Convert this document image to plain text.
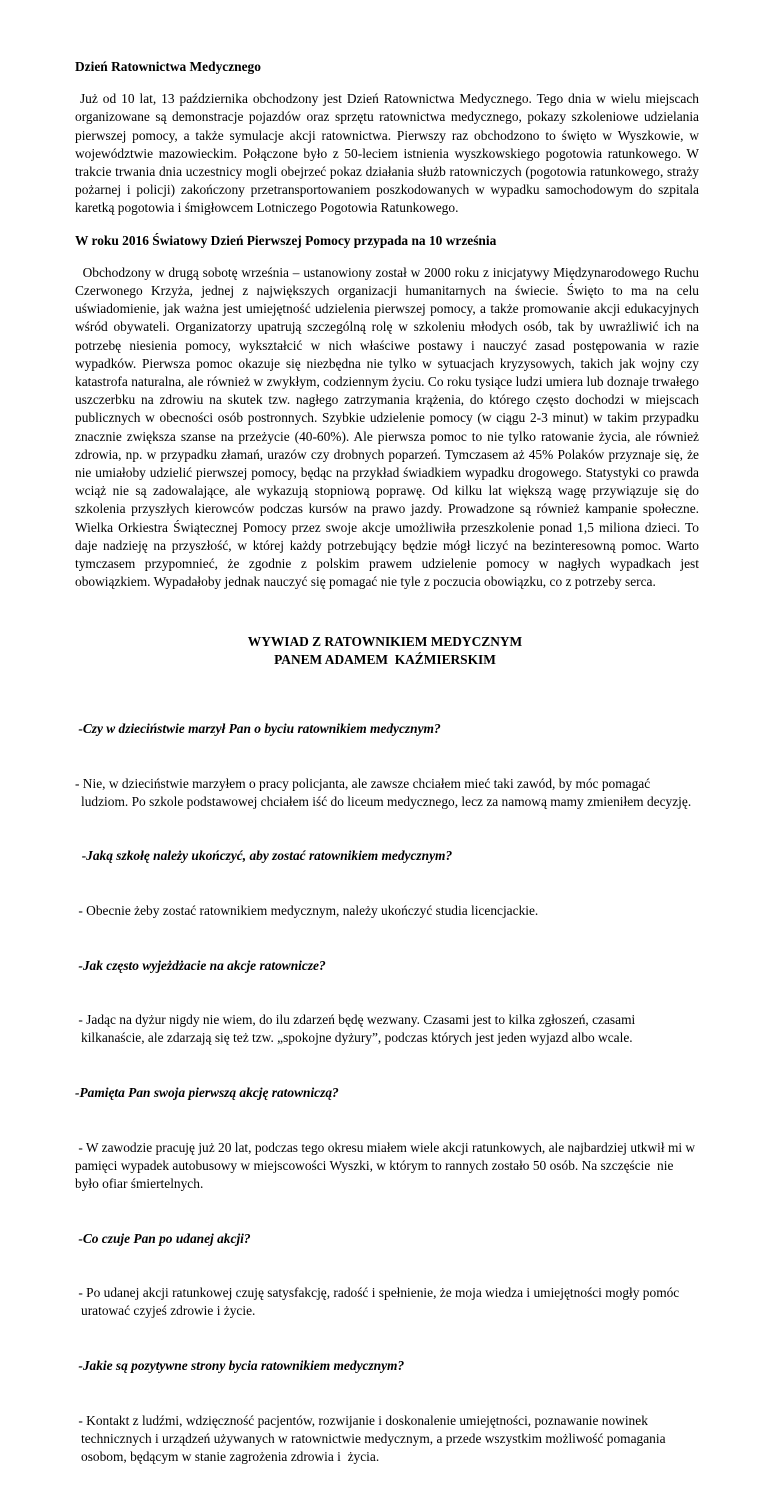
Dzień Ratownictwa Medycznego

Już od 10 lat, 13 października obchodzony jest Dzień Ratownictwa Medycznego. Tego dnia w wielu miejscach organizowane są demonstracje pojazdów oraz sprzętu ratownictwa medycznego, pokazy szkoleniowe udzielania pierwszej pomocy, a także symulacje akcji ratownictwa. Pierwszy raz obchodzono to święto w Wyszkowie, w województwie mazowieckim. Połączone było z 50-leciem istnienia wyszkowskiego pogotowia ratunkowego. W trakcie trwania dnia uczestnicy mogli obejrzeć pokaz działania służb ratowniczych (pogotowia ratunkowego, straży pożarnej i policji) zakończony przetransportowaniem poszkodowanych w wypadku samochodowym do szpitala karetką pogotowia i śmigłowcem Lotniczego Pogotowia Ratunkowego.

W roku 2016 Światowy Dzień Pierwszej Pomocy przypada na 10 września

Obchodzony w drugą sobotę września – ustanowiony został w 2000 roku z inicjatywy Międzynarodowego Ruchu Czerwonego Krzyża, jednej z największych organizacji humanitarnych na świecie. Święto to ma na celu uświadomienie, jak ważna jest umiejętność udzielenia pierwszej pomocy, a także promowanie akcji edukacyjnych wśród obywateli. Organizatorzy upatrują szczególną rolę w szkoleniu młodych osób, tak by uwrażliwić ich na potrzebę niesienia pomocy, wykształcić w nich właściwe postawy i nauczyć zasad postępowania w razie wypadków. Pierwsza pomoc okazuje się niezbędna nie tylko w sytuacjach kryzysowych, takich jak wojny czy katastrofa naturalna, ale również w zwykłym, codziennym życiu. Co roku tysiące ludzi umiera lub doznaje trwałego uszczerbku na zdrowiu na skutek tzw. nagłego zatrzymania krążenia, do którego często dochodzi w miejscach publicznych w obecności osób postronnych. Szybkie udzielenie pomocy (w ciągu 2-3 minut) w takim przypadku znacznie zwiększa szanse na przeżycie (40-60%). Ale pierwsza pomoc to nie tylko ratowanie życia, ale również zdrowia, np. w przypadku złamań, urazów czy drobnych poparzeń. Tymczasem aż 45% Polaków przyznaje się, że nie umiałoby udzielić pierwszej pomocy, będąc na przykład świadkiem wypadku drogowego. Statystyki co prawda wciąż nie są zadowalające, ale wykazują stopniową poprawę. Od kilku lat większą wagę przywiązuje się do szkolenia przyszłych kierowców podczas kursów na prawo jazdy. Prowadzone są również kampanie społeczne. Wielka Orkiestra Świątecznej Pomocy przez swoje akcje umożliwiła przeszkolenie ponad 1,5 miliona dzieci. To daje nadzieję na przyszłość, w której każdy potrzebujący będzie mógł liczyć na bezinteresowną pomoc. Warto tymczasem przypomnieć, że zgodnie z polskim prawem udzielenie pomocy w nagłych wypadkach jest obowiązkiem. Wypadałoby jednak nauczyć się pomagać nie tyle z poczucia obowiązku, co z potrzeby serca.

WYWIAD Z RATOWNIKIEM MEDYCZNYM
PANEM ADAMEM  KAŹMIERSKIM

-Czy w dzieciństwie marzył Pan o byciu ratownikiem medycznym?

- Nie, w dzieciństwie marzyłem o pracy policjanta, ale zawsze chciałem mieć taki zawód, by móc pomagać ludziom. Po szkole podstawowej chciałem iść do liceum medycznego, lecz za namową mamy zmieniłem decyzję.

-Jaką szkołę należy ukończyć, aby zostać ratownikiem medycznym?

- Obecnie żeby zostać ratownikiem medycznym, należy ukończyć studia licencjackie.

-Jak często wyjeżdżacie na akcje ratownicze?

- Jadąc na dyżur nigdy nie wiem, do ilu zdarzeń będę wezwany. Czasami jest to kilka zgłoszeń, czasami kilkanaście, ale zdarzają się też tzw. „spokojne dyżury”, podczas których jest jeden wyjazd albo wcale.

-Pamięta Pan swoja pierwszą akcję ratowniczą?

- W zawodzie pracuję już 20 lat, podczas tego okresu miałem wiele akcji ratunkowych, ale najbardziej utkwił mi w pamięci wypadek autobusowy w miejscowości Wyszki, w którym to rannych zostało 50 osób. Na szczęście  nie było ofiar śmiertelnych.

-Co czuje Pan po udanej akcji?

- Po udanej akcji ratunkowej czuję satysfakcję, radość i spełnienie, że moja wiedza i umiejętności mogły pomóc uratować czyjeś zdrowie i życie.

-Jakie są pozytywne strony bycia ratownikiem medycznym?

- Kontakt z ludźmi, wdzięczność pacjentów, rozwijanie i doskonalenie umiejętności, poznawanie nowinek technicznych i urządzeń używanych w ratownictwie medycznym, a przede wszystkim możliwość pomagania osobom, będącym w stanie zagrożenia zdrowia i  życia.
